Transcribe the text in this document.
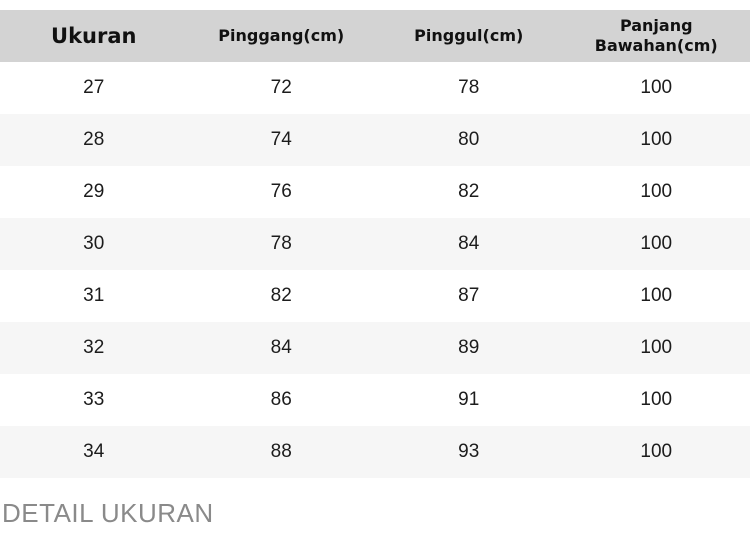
Ukuran	Pinggang(cm)	Pinggul(cm)	Panjang Bawahan(cm)
27	72	78	100
28	74	80	100
29	76	82	100
30	78	84	100
31	82	87	100
32	84	89	100
33	86	91	100
34	88	93	100
DETAIL UKURAN
